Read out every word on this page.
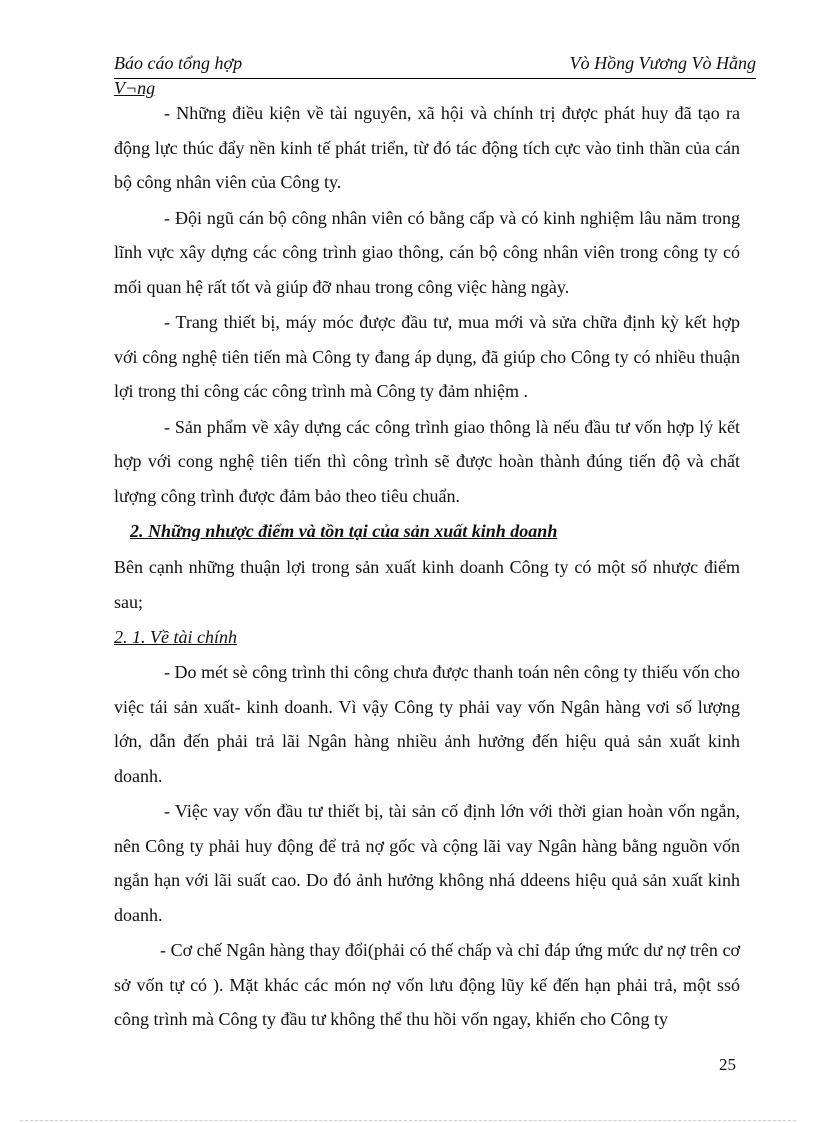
Báo cáo tổng hợp	Vò Hồng Vương Vò Hằng
V¬ng

- Những điều kiện về tài nguyên, xã hội và chính trị được phát huy đã tạo ra động lực thúc đẩy nền kinh tế phát triển, từ đó tác động tích cực vào tinh thần của cán bộ công nhân viên của Công ty.

- Đội ngũ cán bộ công nhân viên có bằng cấp và có kinh nghiệm lâu năm trong lĩnh vực xây dựng các công trình giao thông, cán bộ công nhân viên trong công ty có mối quan hệ rất tốt và giúp đỡ nhau trong công việc hàng ngày.

- Trang thiết bị, máy móc được đầu tư, mua mới và sửa chữa định kỳ kết hợp với công nghệ tiên tiến mà Công ty đang áp dụng, đã giúp cho Công ty có nhiều thuận lợi trong thi công các công trình mà Công ty đảm nhiệm .

- Sản phẩm về xây dựng các công trình giao thông là nếu đầu tư vốn hợp lý kết hợp với cong nghệ tiên tiến thì công trình sẽ được hoàn thành đúng tiến độ và chất lượng công trình được đảm bảo theo tiêu chuẩn.

2. Những nhược điểm và tồn tại của sản xuất kinh doanh

Bên cạnh những thuận lợi trong sản xuất kinh doanh Công ty có một số nhược điểm sau;

2. 1. Về tài chính

- Do mét sè công trình thi công chưa được thanh toán nên công ty thiếu vốn cho việc tái sản xuất- kinh doanh. Vì vậy Công ty phải vay vốn Ngân hàng vơi số lượng lớn, dẫn đến phải trả lãi Ngân hàng nhiều ảnh hưởng đến hiệu quả sản xuất kinh doanh.

- Việc vay vốn đầu tư thiết bị, tài sản cố định lớn với thời gian hoàn vốn ngắn, nên Công ty phải huy động để trả nợ gốc và cộng lãi vay Ngân hàng bằng nguồn vốn ngắn hạn với lãi suất cao. Do đó ảnh hưởng không nhá ddeens hiệu quả sản xuất kinh doanh.

- Cơ chế Ngân hàng thay đổi(phải có thế chấp và chỉ đáp ứng mức dư nợ trên cơ sở vốn tự có ). Mặt khác các món nợ vốn lưu động lũy kế đến hạn phải trả, một ssó công trình mà Công ty đầu tư không thể thu hồi vốn ngay, khiến cho Công ty

25
